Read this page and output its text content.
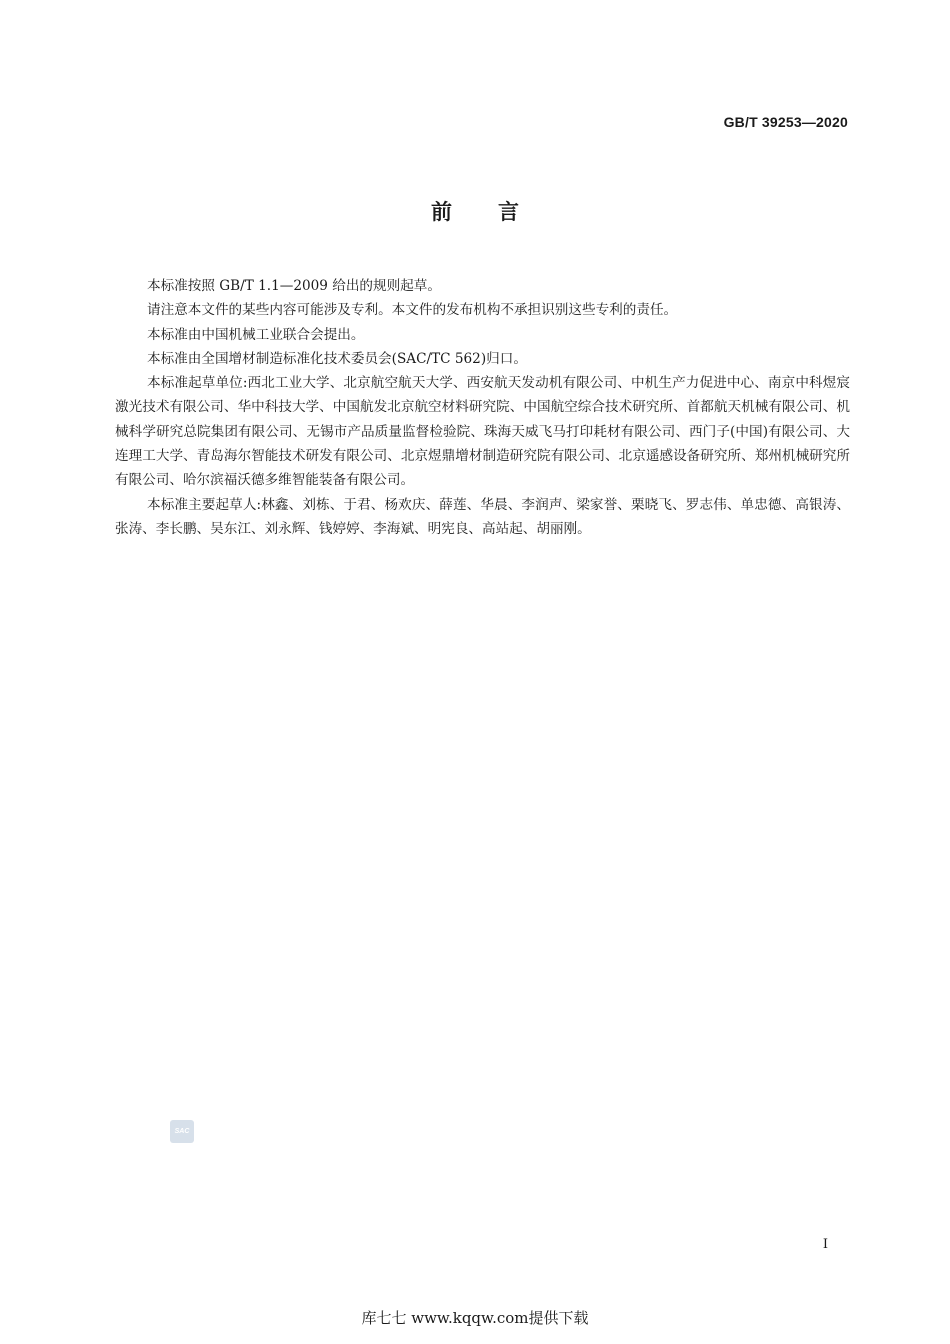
GB/T 39253—2020
前言

本标准按照 GB/T 1.1—2009 给出的规则起草。

请注意本文件的某些内容可能涉及专利。本文件的发布机构不承担识别这些专利的责任。

本标准由中国机械工业联合会提出。

本标准由全国增材制造标准化技术委员会(SAC/TC 562)归口。

本标准起草单位:西北工业大学、北京航空航天大学、西安航天发动机有限公司、中机生产力促进中心、南京中科煜宸激光技术有限公司、华中科技大学、中国航发北京航空材料研究院、中国航空综合技术研究所、首都航天机械有限公司、机械科学研究总院集团有限公司、无锡市产品质量监督检验院、珠海天威飞马打印耗材有限公司、西门子(中国)有限公司、大连理工大学、青岛海尔智能技术研发有限公司、北京煜鼎增材制造研究院有限公司、北京遥感设备研究所、郑州机械研究所有限公司、哈尔滨福沃德多维智能装备有限公司。

本标准主要起草人:林鑫、刘栋、于君、杨欢庆、薛莲、华晨、李润声、梁家誉、栗晓飞、罗志伟、单忠德、高银涛、张涛、李长鹏、吴东江、刘永辉、钱婷婷、李海斌、明宪良、高站起、胡丽刚。

SAC
I
库七七 www.kqqw.com提供下载
